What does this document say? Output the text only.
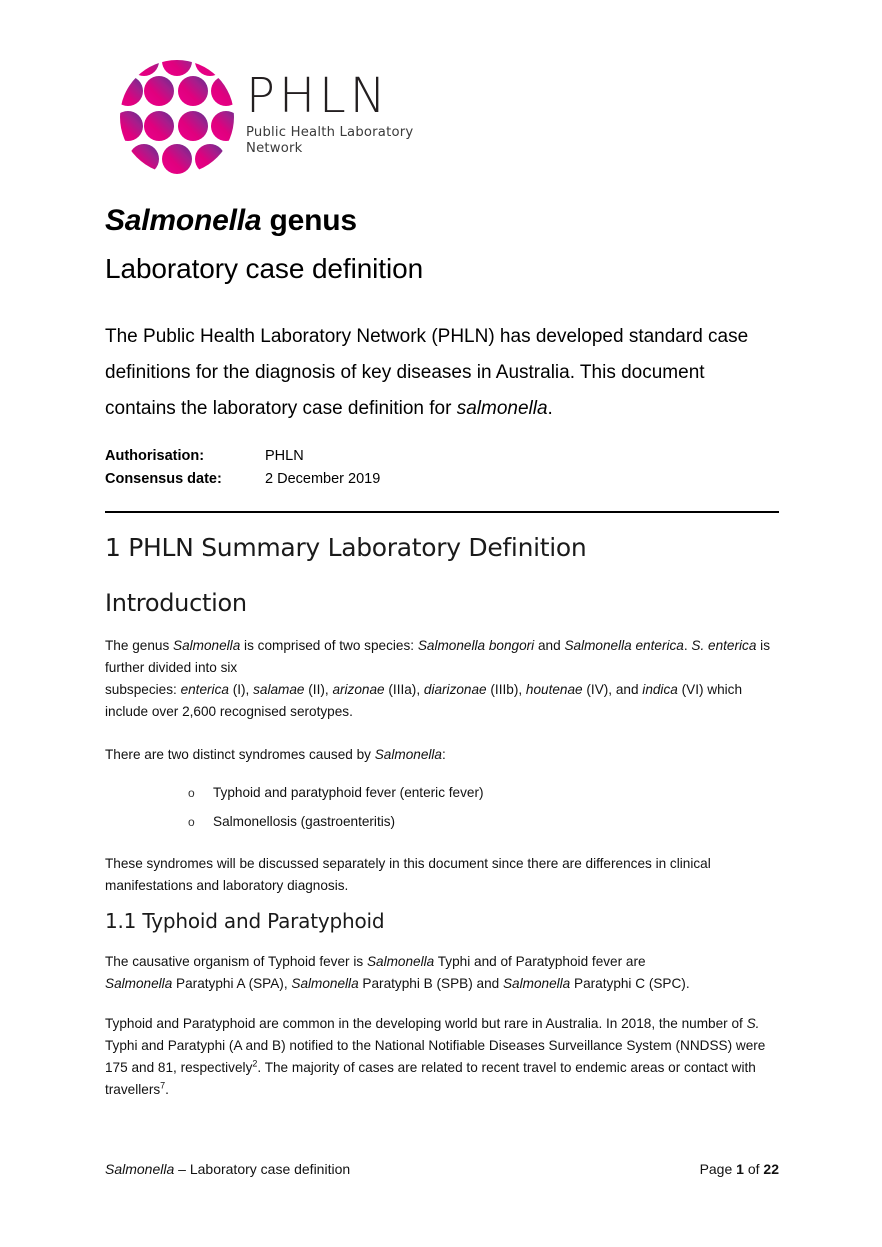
PHLN
Public Health Laboratory Network
Salmonella genus
Laboratory case definition
The Public Health Laboratory Network (PHLN) has developed standard case definitions for the diagnosis of key diseases in Australia. This document contains the laboratory case definition for salmonella.
Authorisation:	PHLN
Consensus date:	2 December 2019
1 PHLN Summary Laboratory Definition
Introduction
The genus Salmonella is comprised of two species: Salmonella bongori and Salmonella enterica. S. enterica is further divided into six
subspecies: enterica (I), salamae (II), arizonae (IIIa), diarizonae (IIIb), houtenae (IV), and indica (VI) which include over 2,600 recognised serotypes.
There are two distinct syndromes caused by Salmonella:
o Typhoid and paratyphoid fever (enteric fever)
o Salmonellosis (gastroenteritis)
These syndromes will be discussed separately in this document since there are differences in clinical manifestations and laboratory diagnosis.
1.1 Typhoid and Paratyphoid
The causative organism of Typhoid fever is Salmonella Typhi and of Paratyphoid fever are
Salmonella Paratyphi A (SPA), Salmonella Paratyphi B (SPB) and Salmonella Paratyphi C (SPC).
Typhoid and Paratyphoid are common in the developing world but rare in Australia. In 2018, the number of S. Typhi and Paratyphi (A and B) notified to the National Notifiable Diseases Surveillance System (NNDSS) were 175 and 81, respectively$^2$. The majority of cases are related to recent travel to endemic areas or contact with travellers$^7$.
Salmonella – Laboratory case definition	Page 1 of 22
